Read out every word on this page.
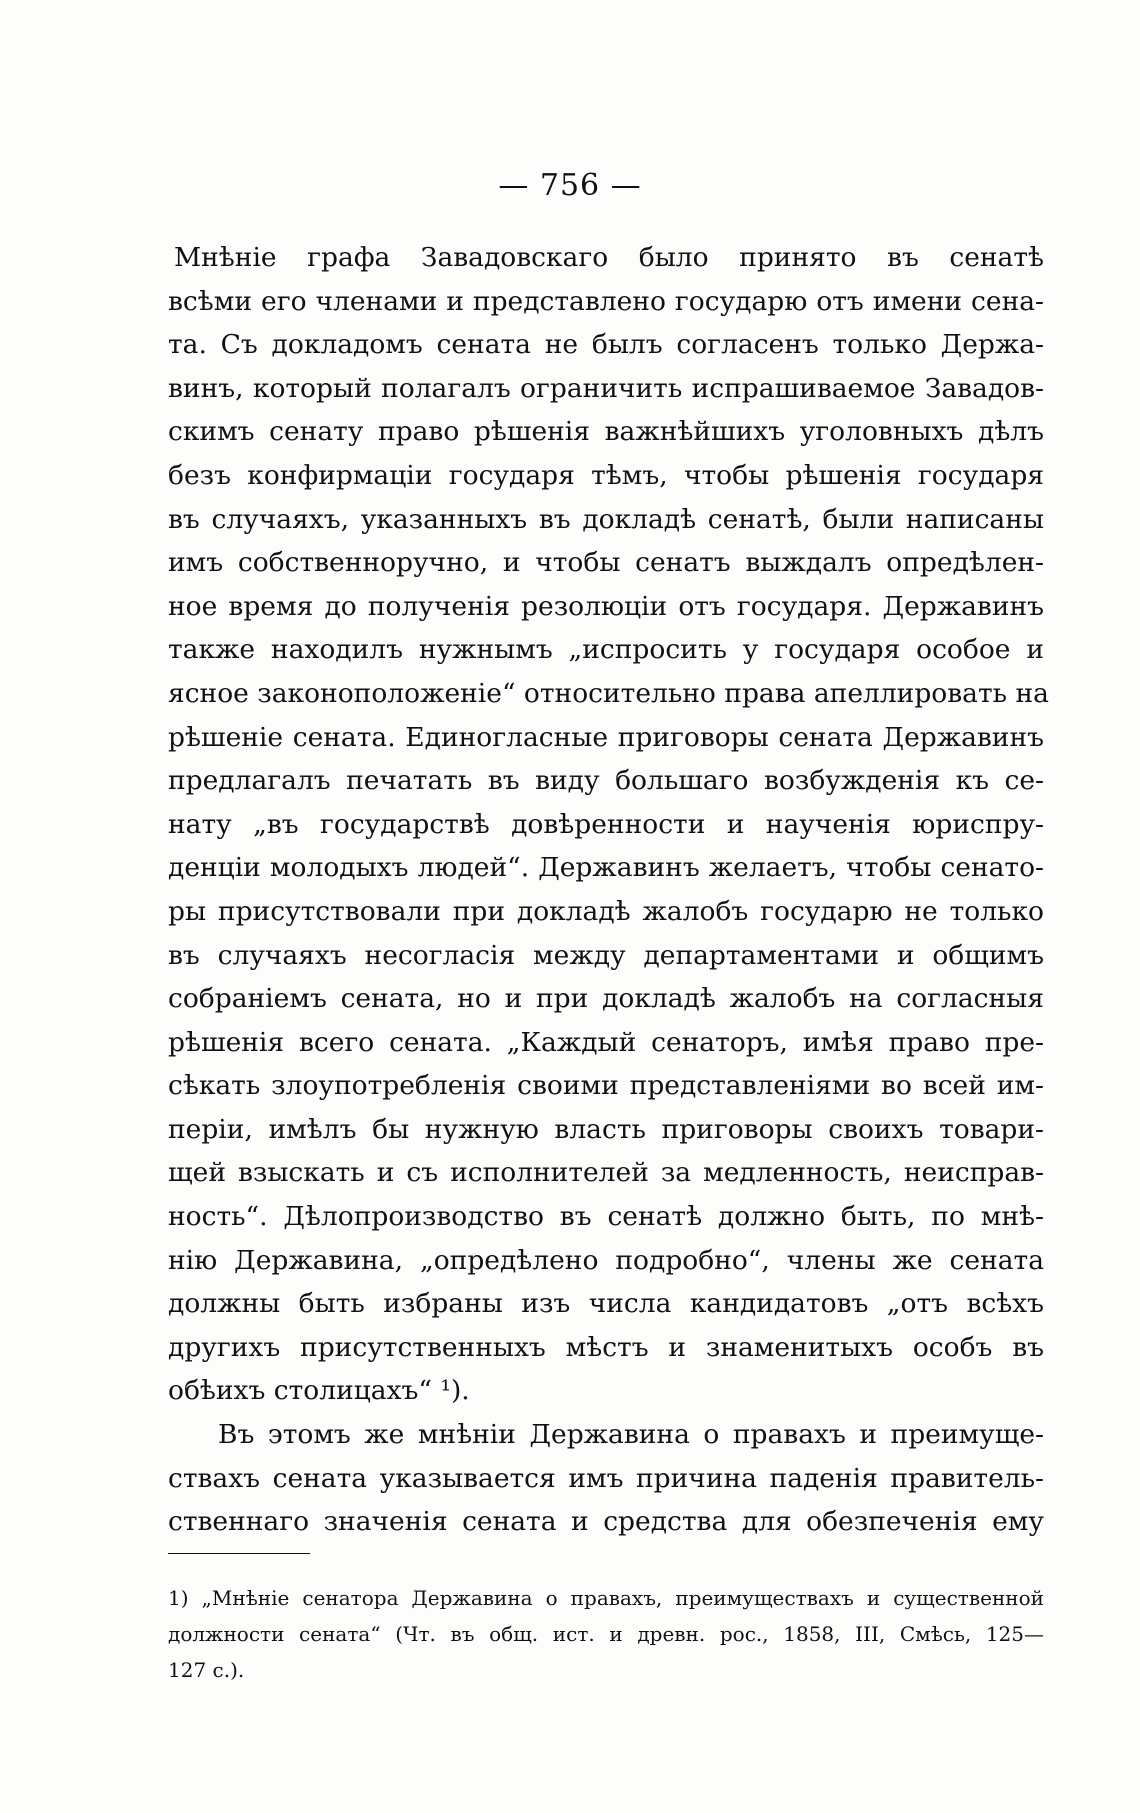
— 756 —
Мнѣніе графа Завадовскаго было принято въ сенатѣ
всѣми его членами и представлено государю отъ имени сена-
та. Съ докладомъ сената не былъ согласенъ только Держа-
винъ, который полагалъ ограничить испрашиваемое Завадов-
скимъ сенату право рѣшенія важнѣйшихъ уголовныхъ дѣлъ
безъ конфирмаціи государя тѣмъ, чтобы рѣшенія государя
въ случаяхъ, указанныхъ въ докладѣ сенатѣ, были написаны
имъ собственноручно, и чтобы сенатъ выждалъ опредѣлен-
ное время до полученія резолюціи отъ государя. Державинъ
также находилъ нужнымъ „испросить у государя особое и
ясное законоположеніе“ относительно права апеллировать на
рѣшеніе сената. Единогласные приговоры сената Державинъ
предлагалъ печатать въ виду большаго возбужденія къ се-
нату „въ государствѣ довѣренности и наученія юриспру-
денціи молодыхъ людей“. Державинъ желаетъ, чтобы сенато-
ры присутствовали при докладѣ жалобъ государю не только
въ случаяхъ несогласія между департаментами и общимъ
собраніемъ сената, но и при докладѣ жалобъ на согласныя
рѣшенія всего сената. „Каждый сенаторъ, имѣя право пре-
сѣкать злоупотребленія своими представленіями во всей им-
періи, имѣлъ бы нужную власть приговоры своихъ товари-
щей взыскать и съ исполнителей за медленность, неисправ-
ность“. Дѣлопроизводство въ сенатѣ должно быть, по мнѣ-
нію Державина, „опредѣлено подробно“, члены же сената
должны быть избраны изъ числа кандидатовъ „отъ всѣхъ
другихъ присутственныхъ мѣстъ и знаменитыхъ особъ въ
обѣихъ столицахъ“ ¹).
Въ этомъ же мнѣніи Державина о правахъ и преимуще-
ствахъ сената указывается имъ причина паденія правитель-
ственнаго значенія сената и средства для обезпеченія ему
1) „Мнѣніе сенатора Державина о правахъ, преимуществахъ и существенной
должности сената“ (Чт. въ общ. ист. и древн. рос., 1858, III, Смѣсь, 125—
127 с.).
